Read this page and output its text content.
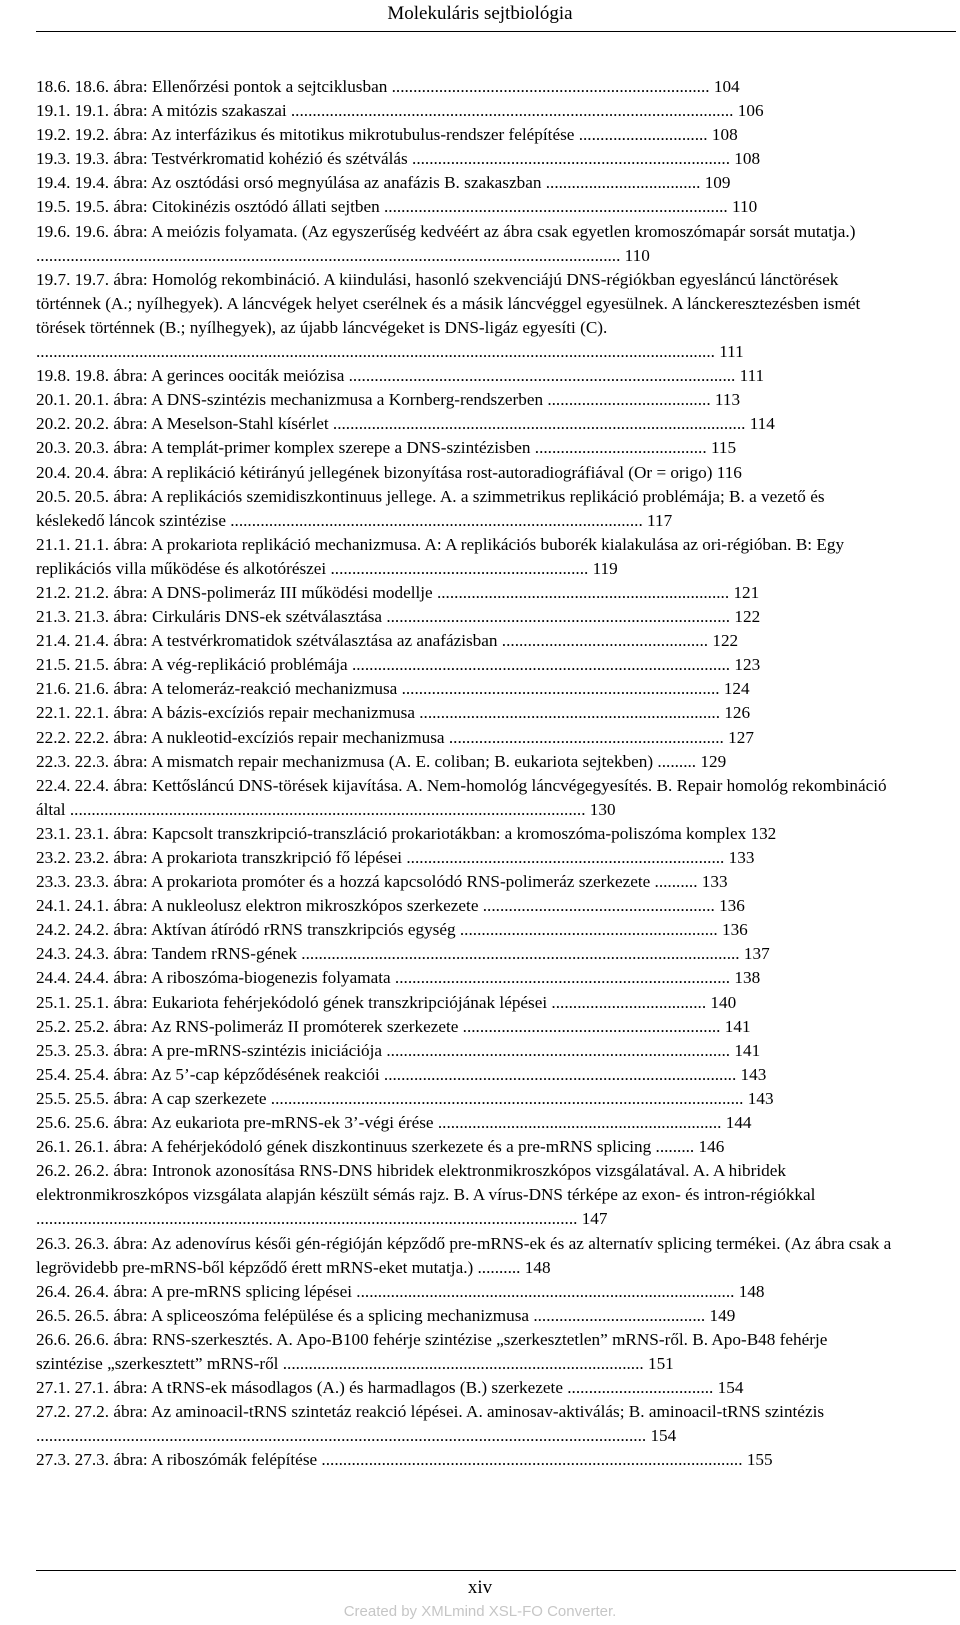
Molekuláris sejtbiológia
18.6. 18.6. ábra: Ellenőrzési pontok a sejtciklusban .......................................................................... 104
19.1. 19.1. ábra: A mitózis szakaszai ....................................................................................................... 106
19.2. 19.2. ábra: Az interfázikus és mitotikus mikrotubulus-rendszer felépítése .............................. 108
19.3. 19.3. ábra: Testvérkromatid kohézió és szétválás .......................................................................... 108
19.4. 19.4. ábra: Az osztódási orsó megnyúlása az anafázis B. szakaszban .................................... 109
19.5. 19.5. ábra: Citokinézis osztódó állati sejtben ................................................................................ 110
19.6. 19.6. ábra: A meiózis folyamata. (Az egyszerűség kedvéért az ábra csak egyetlen kromoszómapár sorsát mutatja.) ........................................................................................................................................ 110
19.7. 19.7. ábra: Homológ rekombináció. A kiindulási, hasonló szekvenciájú DNS-régiókban egyesláncú lánctörések történnek (A.; nyílhegyek). A láncvégek helyet cserélnek és a másik láncvéggel egyesülnek. A lánckeresztezésben ismét törések történnek (B.; nyílhegyek), az újabb láncvégeket is DNS-ligáz egyesíti (C). .............................................................................................................................................................. 111
19.8. 19.8. ábra: A gerinces oociták meiózisa .......................................................................................... 111
20.1. 20.1. ábra: A DNS-szintézis mechanizmusa a Kornberg-rendszerben ...................................... 113
20.2. 20.2. ábra: A Meselson-Stahl kísérlet ................................................................................................ 114
20.3. 20.3. ábra: A templát-primer komplex szerepe a DNS-szintézisben ........................................ 115
20.4. 20.4. ábra: A replikáció kétirányú jellegének bizonyítása rost-autoradiográfiával (Or = origo) 116
20.5. 20.5. ábra: A replikációs szemidiszkontinuus jellege. A. a szimmetrikus replikáció problémája; B. a vezető és késlekedő láncok szintézise ................................................................................................ 117
21.1. 21.1. ábra: A prokariota replikáció mechanizmusa. A: A replikációs buborék kialakulása az ori-régióban. B: Egy replikációs villa működése és alkotórészei ............................................................ 119
21.2. 21.2. ábra: A DNS-polimeráz III működési modellje .................................................................... 121
21.3. 21.3. ábra: Cirkuláris DNS-ek szétválasztása ................................................................................ 122
21.4. 21.4. ábra: A testvérkromatidok szétválasztása az anafázisban ................................................ 122
21.5. 21.5. ábra: A vég-replikáció problémája ........................................................................................ 123
21.6. 21.6. ábra: A telomeráz-reakció mechanizmusa .......................................................................... 124
22.1. 22.1. ábra: A bázis-excíziós repair mechanizmusa ...................................................................... 126
22.2. 22.2. ábra: A nukleotid-excíziós repair mechanizmusa ................................................................ 127
22.3. 22.3. ábra: A mismatch repair mechanizmusa (A. E. coliban; B. eukariota sejtekben) ......... 129
22.4. 22.4. ábra: Kettősláncú DNS-törések kijavítása. A. Nem-homológ láncvégegyesítés. B. Repair homológ rekombináció által ........................................................................................................................ 130
23.1. 23.1. ábra: Kapcsolt transzkripció-transzláció prokariotákban: a kromoszóma-poliszóma komplex 132
23.2. 23.2. ábra: A prokariota transzkripció fő lépései .......................................................................... 133
23.3. 23.3. ábra: A prokariota promóter és a hozzá kapcsolódó RNS-polimeráz szerkezete .......... 133
24.1. 24.1. ábra: A nukleolusz elektron mikroszkópos szerkezete ...................................................... 136
24.2. 24.2. ábra: Aktívan átíródó rRNS transzkripciós egység ............................................................ 136
24.3. 24.3. ábra: Tandem rRNS-gének ...................................................................................................... 137
24.4. 24.4. ábra: A riboszóma-biogenezis folyamata .............................................................................. 138
25.1. 25.1. ábra: Eukariota fehérjekódoló gének transzkripciójának lépései .................................... 140
25.2. 25.2. ábra: Az RNS-polimeráz II promóterek szerkezete ............................................................ 141
25.3. 25.3. ábra: A pre-mRNS-szintézis iniciációja ................................................................................ 141
25.4. 25.4. ábra: Az 5’-cap képződésének reakciói .................................................................................. 143
25.5. 25.5. ábra: A cap szerkezete .............................................................................................................. 143
25.6. 25.6. ábra: Az eukariota pre-mRNS-ek 3’-végi érése .................................................................. 144
26.1. 26.1. ábra: A fehérjekódoló gének diszkontinuus szerkezete és a pre-mRNS splicing ......... 146
26.2. 26.2. ábra: Intronok azonosítása RNS-DNS hibridek elektronmikroszkópos vizsgálatával. A. A hibridek elektronmikroszkópos vizsgálata alapján készült sémás rajz. B. A vírus-DNS térképe az exon- és intron-régiókkal .............................................................................................................................. 147
26.3. 26.3. ábra: Az adenovírus késői gén-régióján képződő pre-mRNS-ek és az alternatív splicing termékei. (Az ábra csak a legrövidebb pre-mRNS-ből képződő érett mRNS-eket mutatja.) .......... 148
26.4. 26.4. ábra: A pre-mRNS splicing lépései ........................................................................................ 148
26.5. 26.5. ábra: A spliceoszóma felépülése és a splicing mechanizmusa ........................................ 149
26.6. 26.6. ábra: RNS-szerkesztés. A. Apo-B100 fehérje szintézise „szerkesztetlen” mRNS-ről. B. Apo-B48 fehérje szintézise „szerkesztett” mRNS-ről .................................................................................... 151
27.1. 27.1. ábra: A tRNS-ek másodlagos (A.) és harmadlagos (B.) szerkezete .................................. 154
27.2. 27.2. ábra: Az aminoacil-tRNS szintetáz reakció lépései. A. aminosav-aktiválás; B. aminoacil-tRNS szintézis .............................................................................................................................................. 154
27.3. 27.3. ábra: A riboszómák felépítése .................................................................................................. 155
xiv
Created by XMLmind XSL-FO Converter.
